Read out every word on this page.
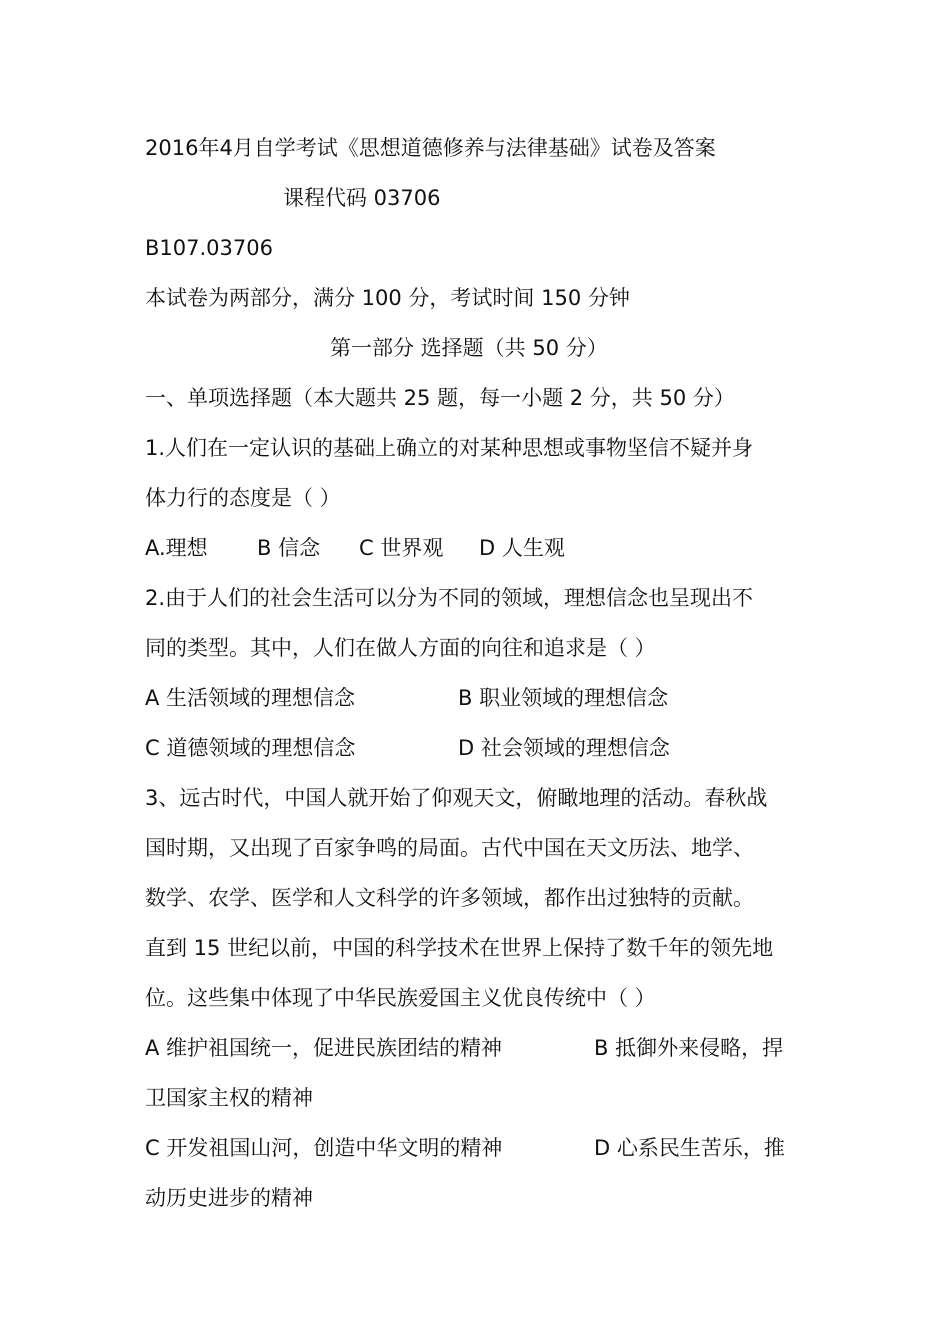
2016年4月自学考试《思想道德修养与法律基础》试卷及答案
课程代码 03706
B107.03706
本试卷为两部分，满分 100 分，考试时间 150 分钟
第一部分 选择题（共 50 分）
一、单项选择题（本大题共 25 题，每一小题 2 分，共 50 分）
1.人们在一定认识的基础上确立的对某种思想或事物坚信不疑并身
体力行的态度是（ ）
A.理想 B 信念 C 世界观 D 人生观
2.由于人们的社会生活可以分为不同的领域，理想信念也呈现出不
同的类型。其中，人们在做人方面的向往和追求是（ ）
A 生活领域的理想信念	B 职业领域的理想信念
C 道德领域的理想信念	D 社会领域的理想信念
3、远古时代，中国人就开始了仰观天文，俯瞰地理的活动。春秋战
国时期，又出现了百家争鸣的局面。古代中国在天文历法、地学、
数学、农学、医学和人文科学的许多领域，都作出过独特的贡献。
直到 15 世纪以前，中国的科学技术在世界上保持了数千年的领先地
位。这些集中体现了中华民族爱国主义优良传统中（ ）
A 维护祖国统一，促进民族团结的精神	B 抵御外来侵略，捍
卫国家主权的精神
C 开发祖国山河，创造中华文明的精神	D 心系民生苦乐，推
动历史进步的精神
